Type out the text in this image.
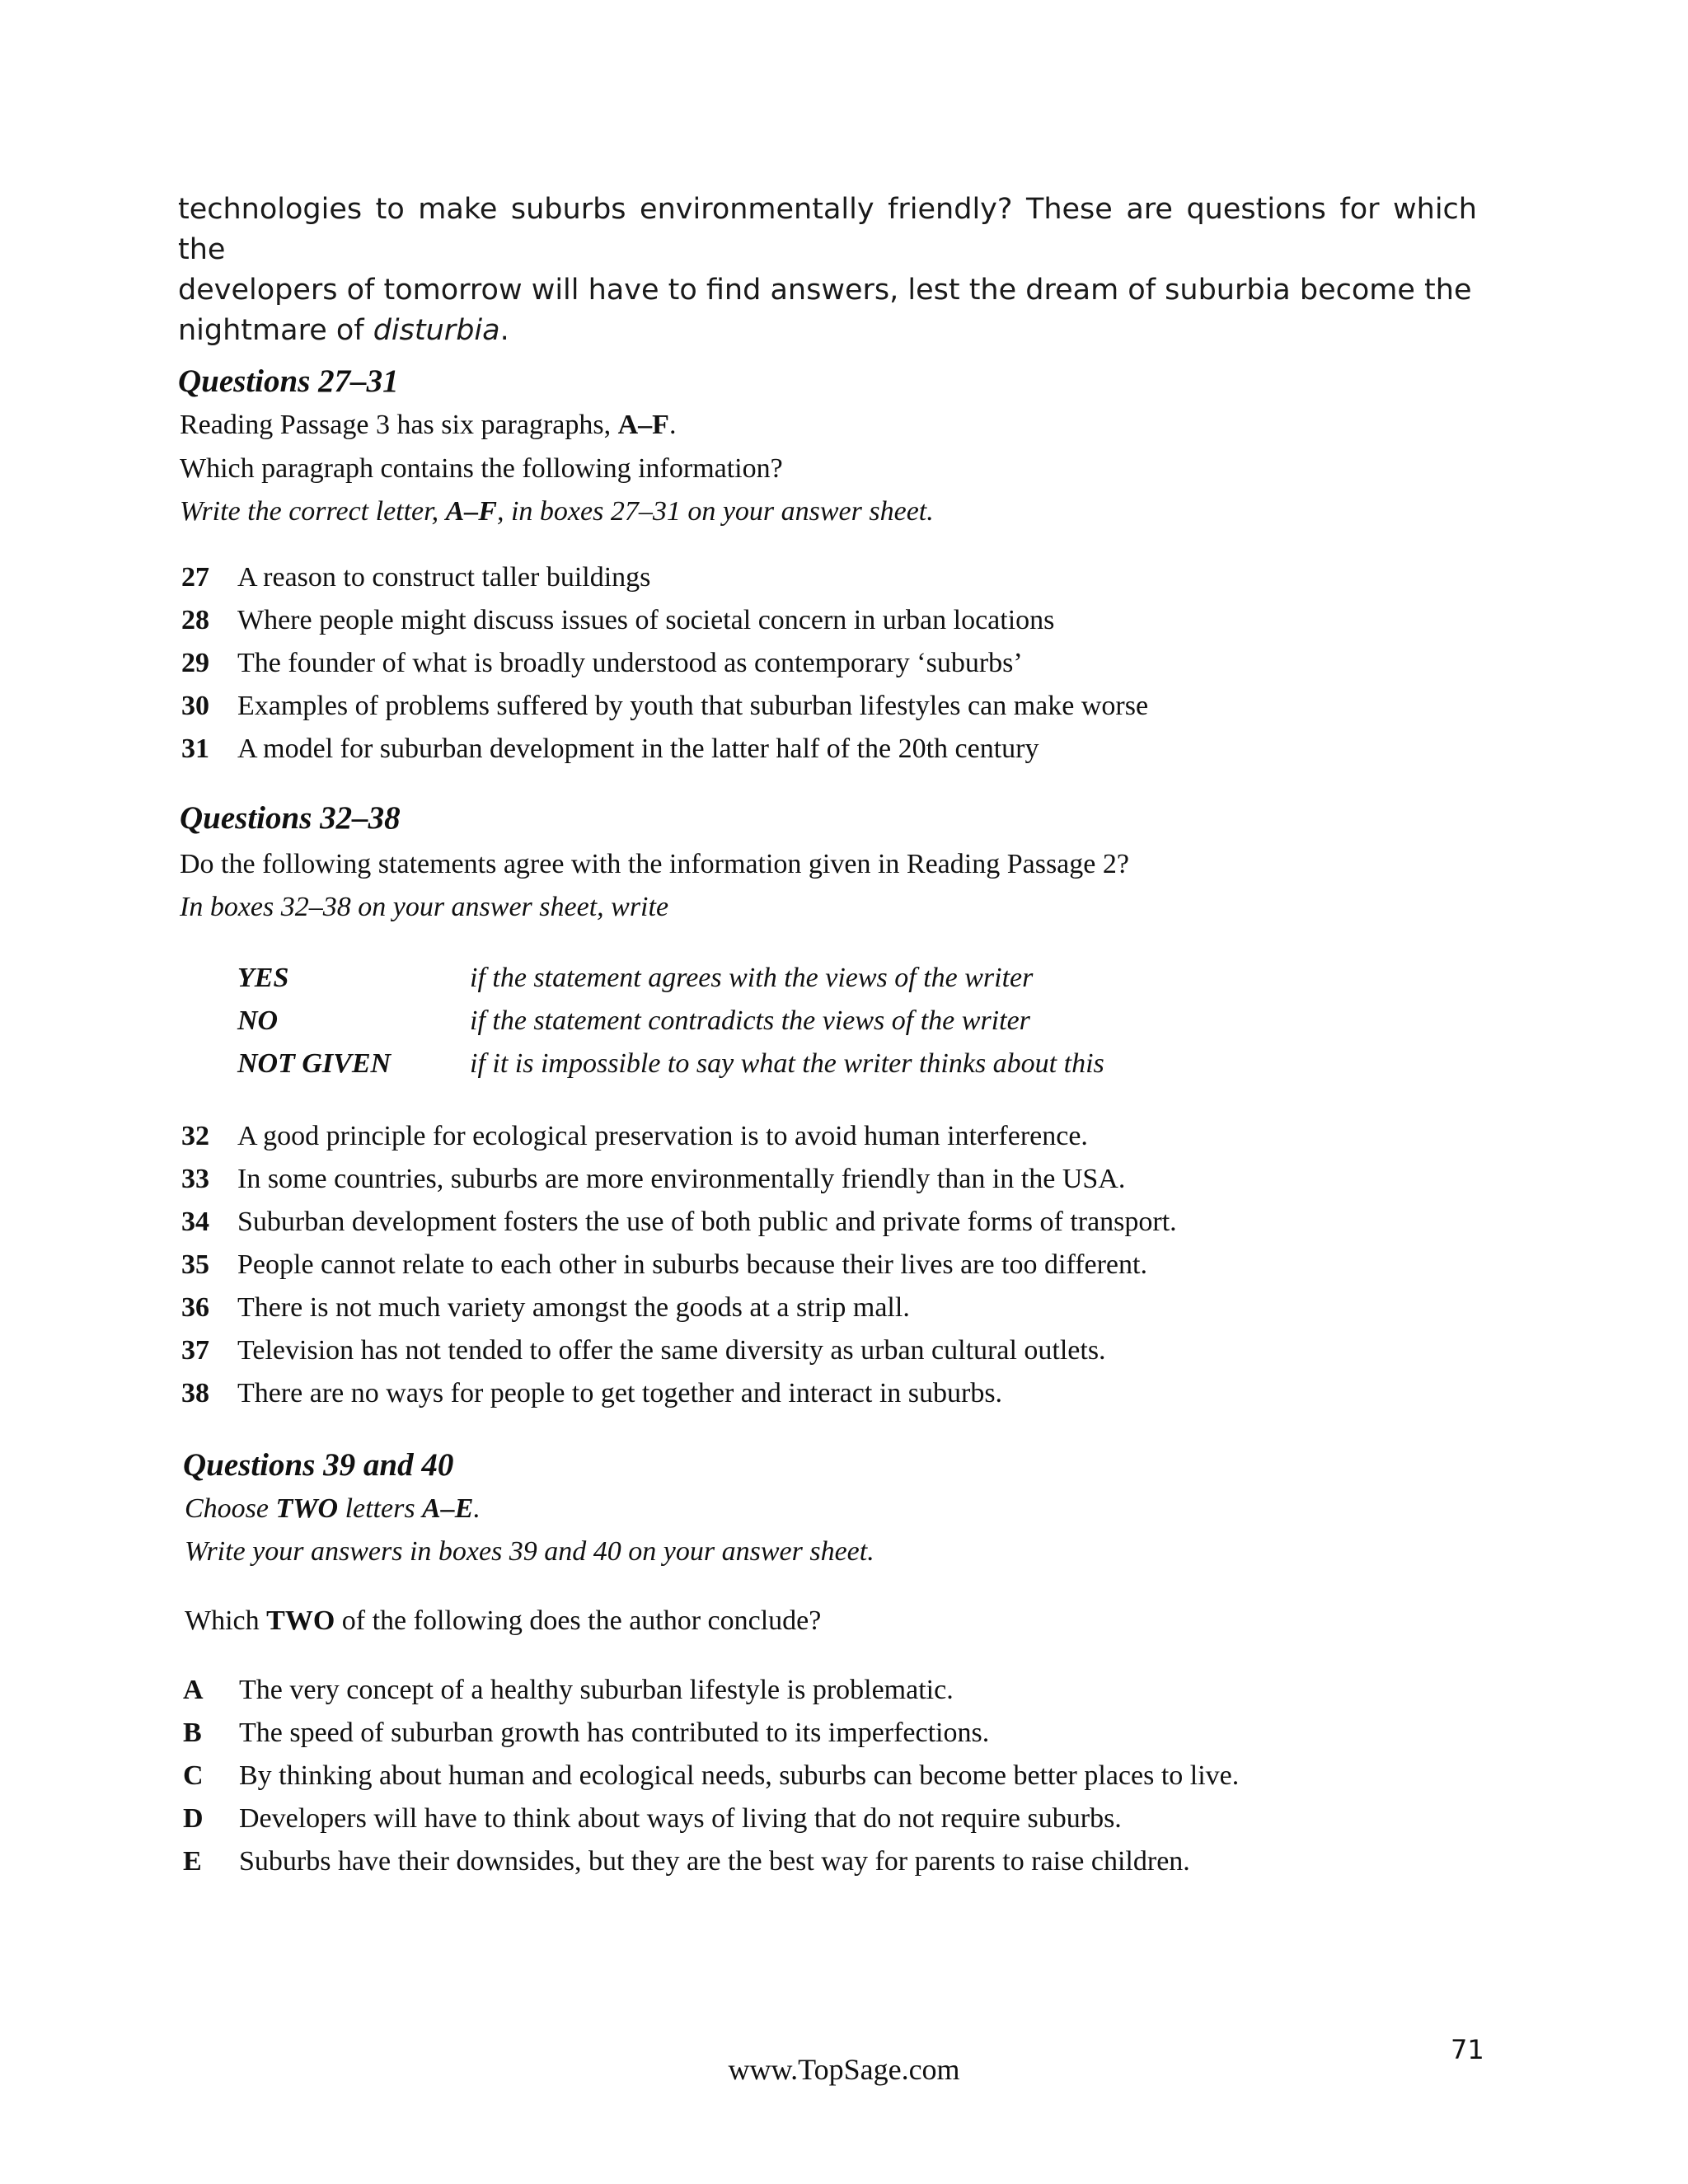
technologies to make suburbs environmentally friendly? These are questions for which the
developers of tomorrow will have to find answers, lest the dream of suburbia become the
nightmare of disturbia.
Questions 27–31
Reading Passage 3 has six paragraphs, A–F.
Which paragraph contains the following information?
Write the correct letter, A–F, in boxes 27–31 on your answer sheet.
27 A reason to construct taller buildings
28 Where people might discuss issues of societal concern in urban locations
29 The founder of what is broadly understood as contemporary ‘suburbs’
30 Examples of problems suffered by youth that suburban lifestyles can make worse
31 A model for suburban development in the latter half of the 20th century
Questions 32–38
Do the following statements agree with the information given in Reading Passage 2?
In boxes 32–38 on your answer sheet, write
YES	if the statement agrees with the views of the writer
NO	if the statement contradicts the views of the writer
NOT GIVEN	if it is impossible to say what the writer thinks about this
32 A good principle for ecological preservation is to avoid human interference.
33 In some countries, suburbs are more environmentally friendly than in the USA.
34 Suburban development fosters the use of both public and private forms of transport.
35 People cannot relate to each other in suburbs because their lives are too different.
36 There is not much variety amongst the goods at a strip mall.
37 Television has not tended to offer the same diversity as urban cultural outlets.
38 There are no ways for people to get together and interact in suburbs.
Questions 39 and 40
Choose TWO letters A–E.
Write your answers in boxes 39 and 40 on your answer sheet.
Which TWO of the following does the author conclude?
A The very concept of a healthy suburban lifestyle is problematic.
B The speed of suburban growth has contributed to its imperfections.
C By thinking about human and ecological needs, suburbs can become better places to live.
D Developers will have to think about ways of living that do not require suburbs.
E Suburbs have their downsides, but they are the best way for parents to raise children.
71
www.TopSage.com
